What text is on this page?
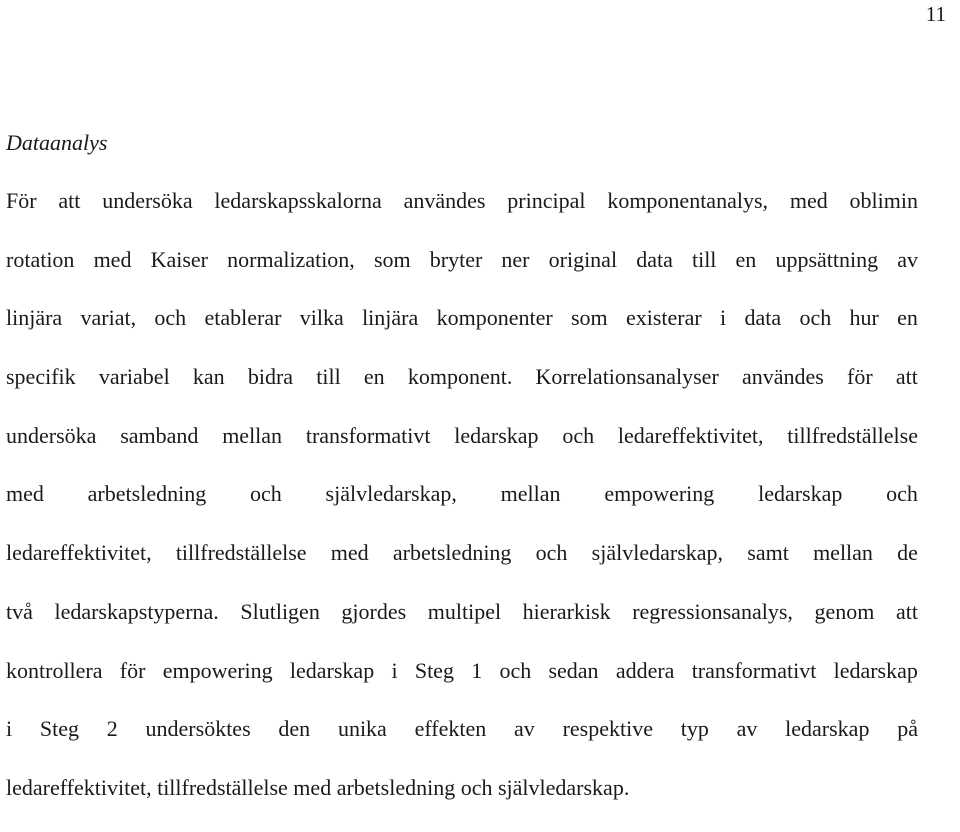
11
Dataanalys
För att undersöka ledarskapsskalorna användes principal komponentanalys, med oblimin
rotation med Kaiser normalization, som bryter ner original data till en uppsättning av
linjära variat, och etablerar vilka linjära komponenter som existerar i data och hur en
specifik variabel kan bidra till en komponent. Korrelationsanalyser användes för att
undersöka samband mellan transformativt ledarskap och ledareffektivitet, tillfredställelse
med arbetsledning och självledarskap, mellan empowering ledarskap och
ledareffektivitet, tillfredställelse med arbetsledning och självledarskap, samt mellan de
två ledarskapstyperna. Slutligen gjordes multipel hierarkisk regressionsanalys, genom att
kontrollera för empowering ledarskap i Steg 1 och sedan addera transformativt ledarskap
i Steg 2 undersöktes den unika effekten av respektive typ av ledarskap på
ledareffektivitet, tillfredställelse med arbetsledning och självledarskap.
